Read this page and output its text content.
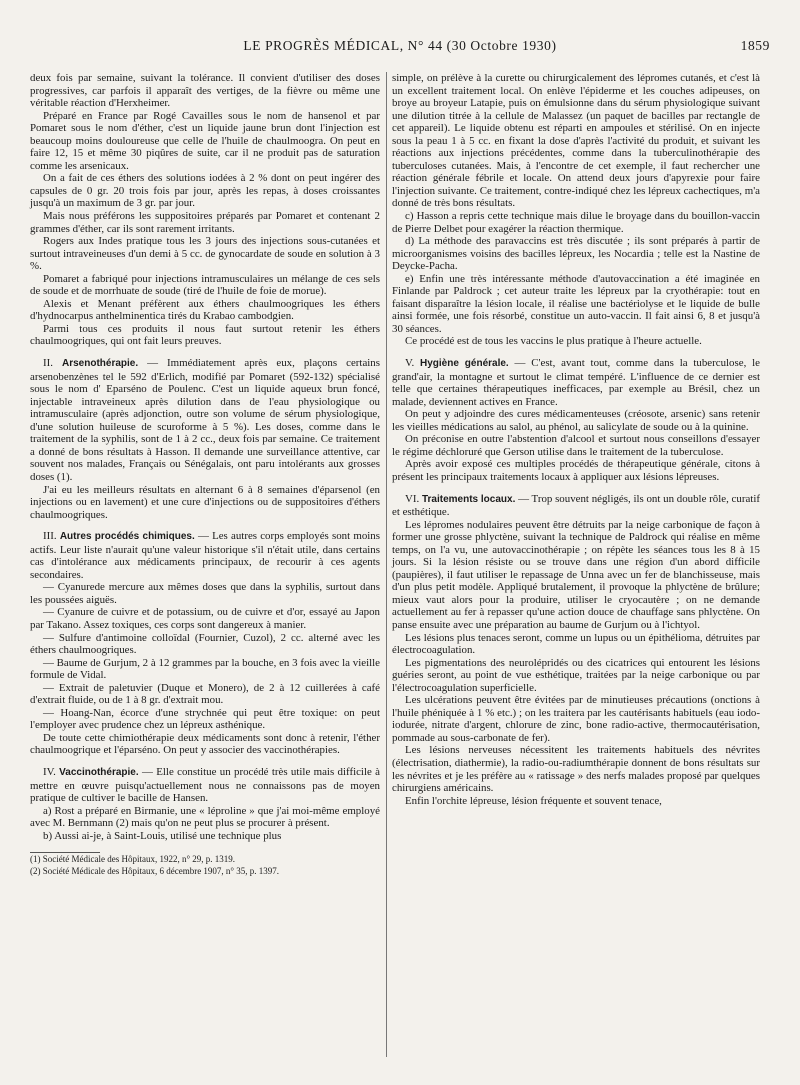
LE PROGRÈS MÉDICAL, N° 44 (30 Octobre 1930)	1859

deux fois par semaine, suivant la tolérance. Il convient d'utiliser des doses progressives, car parfois il apparaît des vertiges, de la fièvre ou même une véritable réaction d'Herxheimer.

Préparé en France par Rogé Cavailles sous le nom de hansenol et par Pomaret sous le nom d'éther, c'est un liquide jaune brun dont l'injection est beaucoup moins douloureuse que celle de l'huile de chaulmoogra. On peut en faire 12, 15 et même 30 piqûres de suite, car il ne produit pas de saturation comme les arsenicaux.

On a fait de ces éthers des solutions iodées à 2 % dont on peut ingérer des capsules de 0 gr. 20 trois fois par jour, après les repas, à doses croissantes jusqu'à un maximum de 3 gr. par jour.

Mais nous préférons les suppositoires préparés par Pomaret et contenant 2 grammes d'éther, car ils sont rarement irritants.

Rogers aux Indes pratique tous les 3 jours des injections sous-cutanées et surtout intraveineuses d'un demi à 5 cc. de gynocardate de soude en solution à 3 %.

Pomaret a fabriqué pour injections intramusculaires un mélange de ces sels de soude et de morrhuate de soude (tiré de l'huile de foie de morue).

Alexis et Menant préfèrent aux éthers chaulmoogriques les éthers d'hydnocarpus anthelminentica tirés du Krabao cambodgien.

Parmi tous ces produits il nous faut surtout retenir les éthers chaulmoogriques, qui ont fait leurs preuves.

II. Arsenothérapie. — Immédiatement après eux, plaçons certains arsenobenzènes tel le 592 d'Erlich, modifié par Pomaret (592-132) spécialisé sous le nom d' Eparséno de Poulenc. C'est un liquide aqueux brun foncé, injectable intraveineux après dilution dans de l'eau physiologique ou intramusculaire (après adjonction, outre son volume de sérum physiologique, d'une solution huileuse de scuroforme à 5 %). Les doses, comme dans le traitement de la syphilis, sont de 1 à 2 cc., deux fois par semaine. Ce traitement a donné de bons résultats à Hasson. Il demande une surveillance attentive, car souvent nos malades, Français ou Sénégalais, ont paru intolérants aux grosses doses (1).

J'ai eu les meilleurs résultats en alternant 6 à 8 semaines d'éparsenol (en injections ou en lavement) et une cure d'injections ou de suppositoires d'éthers chaulmoogriques.

III. Autres procédés chimiques. — Les autres corps employés sont moins actifs. Leur liste n'aurait qu'une valeur historique s'il n'était utile, dans certains cas d'intolérance aux médicaments principaux, de recourir à ces agents secondaires.

— Cyanurede mercure aux mêmes doses que dans la syphilis, surtout dans les poussées aiguës.

— Cyanure de cuivre et de potassium, ou de cuivre et d'or, essayé au Japon par Takano. Assez toxiques, ces corps sont dangereux à manier.

— Sulfure d'antimoine colloïdal (Fournier, Cuzol), 2 cc. alterné avec les éthers chaulmoogriques.

— Baume de Gurjum, 2 à 12 grammes par la bouche, en 3 fois avec la vieille formule de Vidal.

— Extrait de paletuvier (Duque et Monero), de 2 à 12 cuillerées à café d'extrait fluide, ou de 1 à 8 gr. d'extrait mou.

— Hoang-Nan, écorce d'une strychnée qui peut être toxique: on peut l'employer avec prudence chez un lépreux asthénique.

De toute cette chimiothérapie deux médicaments sont donc à retenir, l'éther chaulmoogrique et l'éparséno. On peut y associer des vaccinothérapies.

IV. Vaccinothérapie. — Elle constitue un procédé très utile mais difficile à mettre en œuvre puisqu'actuellement nous ne connaissons pas de moyen pratique de cultiver le bacille de Hansen.

a) Rost a préparé en Birmanie, une « léproline » que j'ai moi-même employé avec M. Bernmann (2) mais qu'on ne peut plus se procurer à présent.

b) Aussi ai-je, à Saint-Louis, utilisé une technique plus

(1) Société Médicale des Hôpitaux, 1922, n° 29, p. 1319.

(2) Société Médicale des Hôpitaux, 6 décembre 1907, n° 35, p. 1397.

simple, on prélève à la curette ou chirurgicalement des lépromes cutanés, et c'est là un excellent traitement local. On enlève l'épiderme et les couches adipeuses, on broye au broyeur Latapie, puis on émulsionne dans du sérum physiologique suivant une dilution titrée à la cellule de Malassez (un paquet de bacilles par rectangle de cet appareil). Le liquide obtenu est réparti en ampoules et stérilisé. On en injecte sous la peau 1 à 5 cc. en fixant la dose d'après l'activité du produit, et suivant les réactions aux injections précédentes, comme dans la tuberculinothérapie des tuberculoses cutanées. Mais, à l'encontre de cet exemple, il faut rechercher une réaction générale fébrile et locale. On attend deux jours d'apyrexie pour faire l'injection suivante. Ce traitement, contre-indiqué chez les lépreux cachectiques, m'a donné de très bons résultats.

c) Hasson a repris cette technique mais dilue le broyage dans du bouillon-vaccin de Pierre Delbet pour exagérer la réaction thermique.

d) La méthode des paravaccins est très discutée ; ils sont préparés à partir de microorganismes voisins des bacilles lépreux, les Nocardia ; telle est la Nastine de Deycke-Pacha.

e) Enfin une très intéressante méthode d'autovaccination a été imaginée en Finlande par Paldrock ; cet auteur traite les lépreux par la cryothérapie: tout en faisant disparaître la lésion locale, il réalise une bactériolyse et le liquide de bulle ainsi formée, une fois résorbé, constitue un auto-vaccin. Il fait ainsi 6, 8 et jusqu'à 30 séances.

Ce procédé est de tous les vaccins le plus pratique à l'heure actuelle.

V. Hygiène générale. — C'est, avant tout, comme dans la tuberculose, le grand'air, la montagne et surtout le climat tempéré. L'influence de ce dernier est telle que certaines thérapeutiques inefficaces, par exemple au Brésil, chez un malade, deviennent actives en France.

On peut y adjoindre des cures médicamenteuses (créosote, arsenic) sans retenir les vieilles médications au salol, au phénol, au salicylate de soude ou à la quinine.

On préconise en outre l'abstention d'alcool et surtout nous conseillons d'essayer le régime déchloruré que Gerson utilise dans le traitement de la tuberculose.

Après avoir exposé ces multiples procédés de thérapeutique générale, citons à présent les principaux traitements locaux à appliquer aux lésions lépreuses.

VI. Traitements locaux. — Trop souvent négligés, ils ont un double rôle, curatif et esthétique.

Les lépromes nodulaires peuvent être détruits par la neige carbonique de façon à former une grosse phlyctène, suivant la technique de Paldrock qui réalise en même temps, on l'a vu, une autovaccinothérapie ; on répète les séances tous les 8 à 15 jours. Si la lésion résiste ou se trouve dans une région d'un abord difficile (paupières), il faut utiliser le repassage de Unna avec un fer de blanchisseuse, mais d'un plus petit modèle. Appliqué brutalement, il provoque la phlyctène de brûlure; mieux vaut alors pour la produire, utiliser le cryocautère ; on ne demande actuellement au fer à repasser qu'une action douce de chauffage sans phlyctène. On panse ensuite avec une préparation au baume de Gurjum ou à l'ichtyol.

Les lésions plus tenaces seront, comme un lupus ou un épithélioma, détruites par électrocoagulation.

Les pigmentations des neurolépridés ou des cicatrices qui entourent les lésions guéries seront, au point de vue esthétique, traitées par la neige carbonique ou par l'électrocoagulation superficielle.

Les ulcérations peuvent être évitées par de minutieuses précautions (onctions à l'huile phéniquée à 1 % etc.) ; on les traitera par les cautérisants habituels (eau iodo-iodurée, nitrate d'argent, chlorure de zinc, bone radio-active, thermocautérisation, pommade au sous-carbonate de fer).

Les lésions nerveuses nécessitent les traitements habituels des névrites (électrisation, diathermie), la radio-ou-radiumthérapie donnent de bons résultats sur les névrites et je les préfère au « ratissage » des nerfs malades proposé par quelques chirurgiens américains.

Enfin l'orchite lépreuse, lésion fréquente et souvent tenace,
